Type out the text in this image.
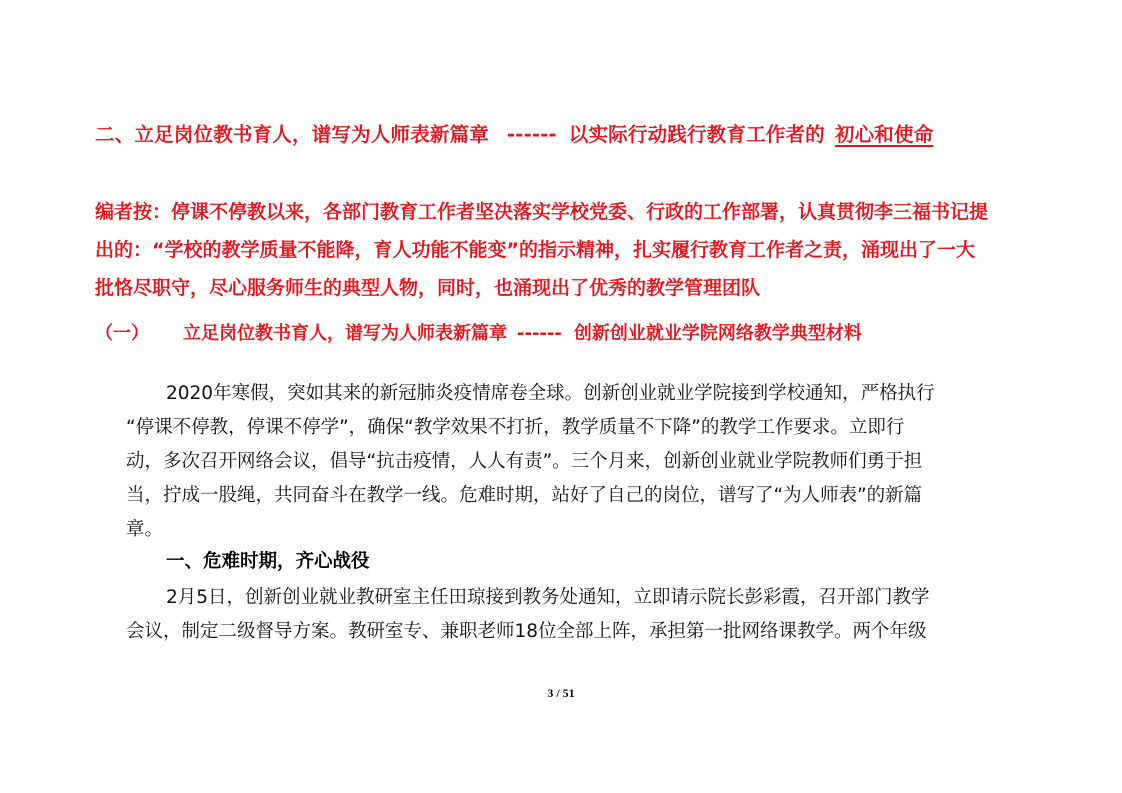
二、立足岗位教书育人，谱写为人师表新篇章 ------ 以实际行动践行教育工作者的 初心和使命
编者按：停课不停教以来，各部门教育工作者坚决落实学校党委、行政的工作部署，认真贯彻李三福书记提
出的：“学校的教学质量不能降，育人功能不能变”的指示精神，扎实履行教育工作者之责，涌现出了一大
批恪尽职守，尽心服务师生的典型人物，同时，也涌现出了优秀的教学管理团队
（一） 立足岗位教书育人，谱写为人师表新篇章 ------ 创新创业就业学院网络教学典型材料
2020年寒假，突如其来的新冠肺炎疫情席卷全球。创新创业就业学院接到学校通知，严格执行
“停课不停教，停课不停学”，确保“教学效果不打折，教学质量不下降”的教学工作要求。立即行
动，多次召开网络会议，倡导“抗击疫情，人人有责”。三个月来，创新创业就业学院教师们勇于担
当，拧成一股绳，共同奋斗在教学一线。危难时期，站好了自己的岗位，谱写了“为人师表”的新篇
章。
一、危难时期，齐心战役
2月5日，创新创业就业教研室主任田琼接到教务处通知，立即请示院长彭彩霞，召开部门教学
会议，制定二级督导方案。教研室专、兼职老师18位全部上阵，承担第一批网络课教学。两个年级
3 / 51
